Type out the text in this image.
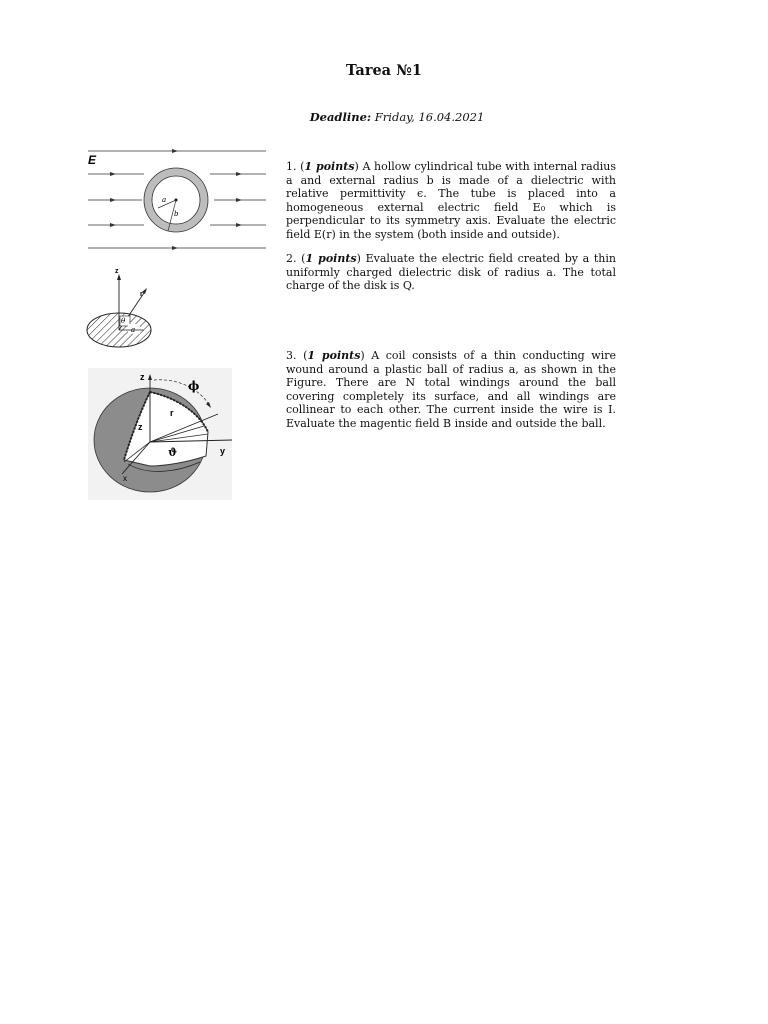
Tarea №1
Deadline: Friday, 16.04.2021
E
a
b
z
r
θ
a
z
z
r
ϕ
ϑ
x
y
1. (1 points) A hollow cylindrical tube with internal radius a and external radius b is made of a dielectric with relative permittivity ϵ. The tube is placed into a homogeneous external electric field E₀ which is perpendicular to its symmetry axis. Evaluate the electric field E(r) in the system (both inside and outside).
2. (1 points) Evaluate the electric field created by a thin uniformly charged dielectric disk of radius a. The total charge of the disk is Q.
3. (1 points) A coil consists of a thin conducting wire wound around a plastic ball of radius a, as shown in the Figure. There are N total windings around the ball covering completely its surface, and all windings are collinear to each other. The current inside the wire is I. Evaluate the magentic field B inside and outside the ball.
